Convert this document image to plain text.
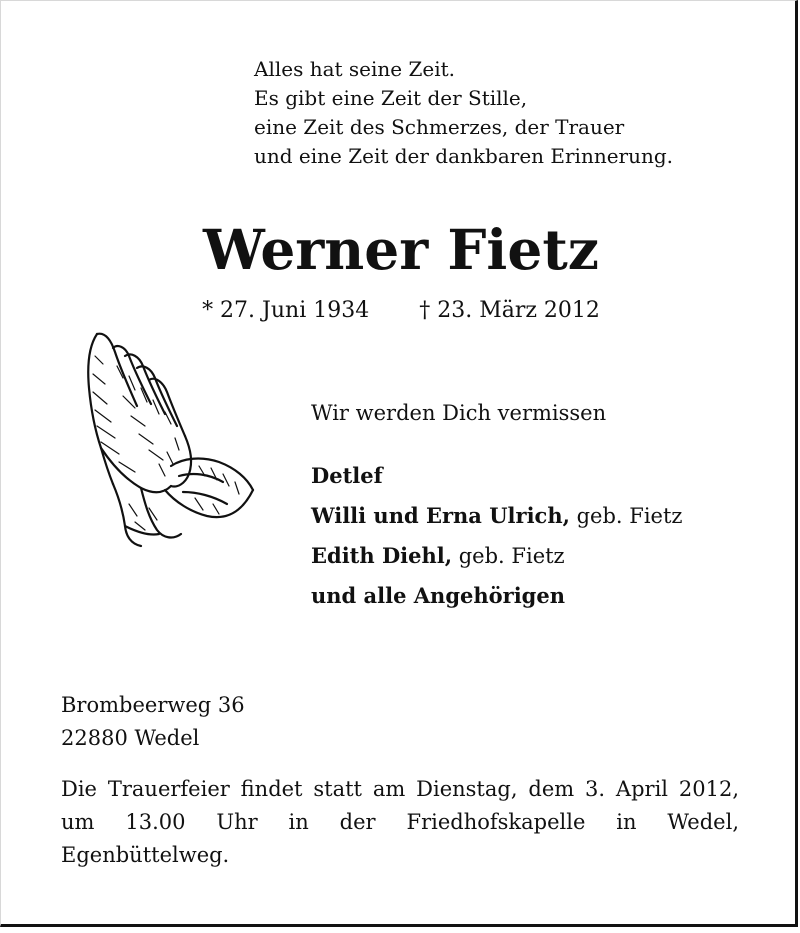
Alles hat seine Zeit.
Es gibt eine Zeit der Stille,
eine Zeit des Schmerzes, der Trauer
und eine Zeit der dankbaren Erinnerung.
Werner Fietz
* 27. Juni 1934 † 23. März 2012
Wir werden Dich vermissen
Detlef
Willi und Erna Ulrich, geb. Fietz
Edith Diehl, geb. Fietz
und alle Angehörigen
Brombeerweg 36
22880 Wedel
Die Trauerfeier findet statt am Dienstag, dem 3. April 2012, um 13.00 Uhr in der Friedhofskapelle in Wedel, Egenbüttelweg.
